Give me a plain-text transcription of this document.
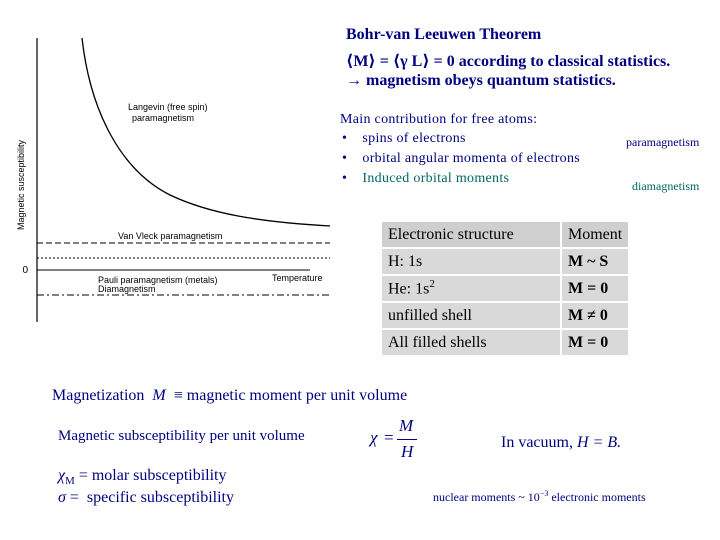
0
Magnetic susceptibility
Langevin (free spin)
paramagnetism
Van Vleck paramagnetism
Pauli paramagnetism (metals)	Temperature
Diamagnetism
Bohr-van Leeuwen Theorem
⟨M⟩ = ⟨γ L⟩ = 0 according to classical statistics.
→ magnetism obeys quantum statistics.
Main contribution for free atoms:
•    spins of electrons
•    orbital angular momenta of electrons
•    Induced orbital moments
paramagnetism
diamagnetism
Electronic structure	Moment
H: 1s	M ~ S
He: $1s^2$	M = 0
unfilled shell	M ≠ 0
All filled shells	M = 0
Magnetization M ≡ magnetic moment per unit volume
Magnetic subsceptibility per unit volume	χ =
M
H	In vacuum, H = B.
$\chi_M$ = molar subsceptibility
σ =  specific subsceptibility	nuclear moments ~ $10^{-3}$ electronic moments
